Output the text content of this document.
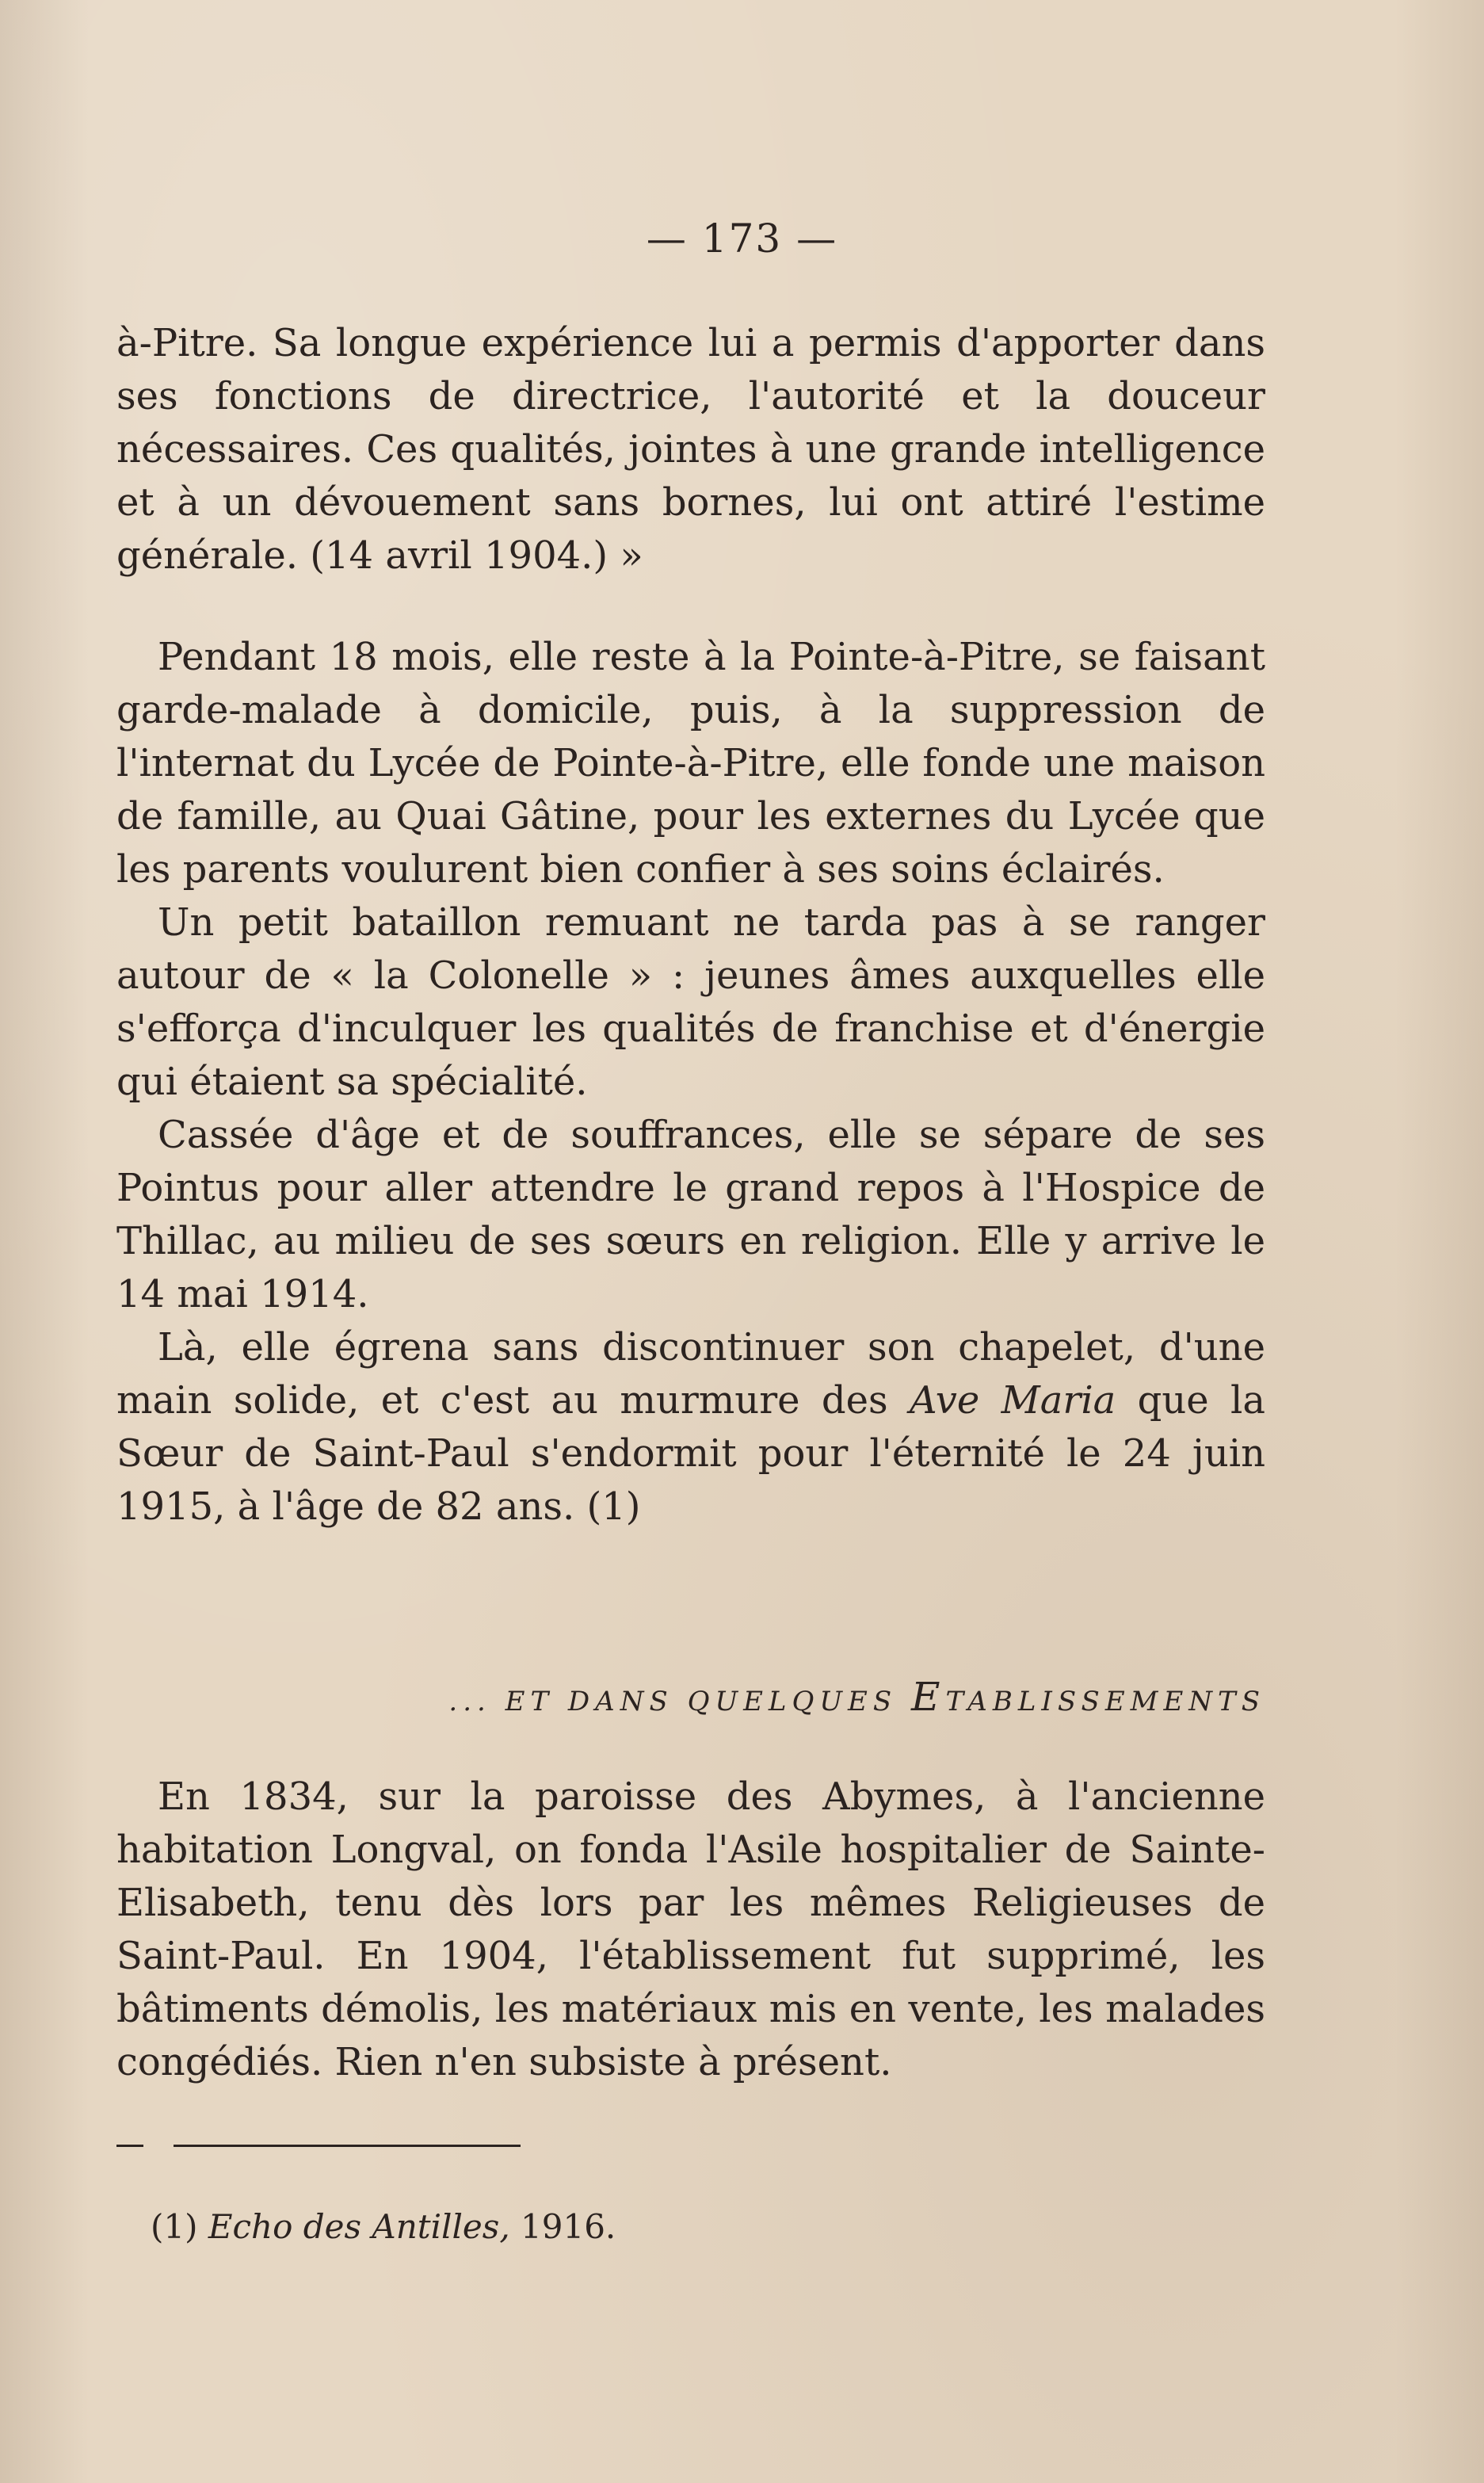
— 173 —

à-Pitre. Sa longue expérience lui a permis d'apporter dans ses fonctions de directrice, l'autorité et la douceur nécessaires. Ces qualités, jointes à une grande intelligence et à un dévouement sans bornes, lui ont attiré l'estime générale. (14 avril 1904.) »

Pendant 18 mois, elle reste à la Pointe-à-Pitre, se faisant garde-malade à domicile, puis, à la suppression de l'internat du Lycée de Pointe-à-Pitre, elle fonde une maison de famille, au Quai Gâtine, pour les externes du Lycée que les parents voulurent bien confier à ses soins éclairés.

Un petit bataillon remuant ne tarda pas à se ranger autour de « la Colonelle » : jeunes âmes auxquelles elle s'efforça d'inculquer les qualités de franchise et d'énergie qui étaient sa spécialité.

Cassée d'âge et de souffrances, elle se sépare de ses Pointus pour aller attendre le grand repos à l'Hospice de Thillac, au milieu de ses sœurs en religion. Elle y arrive le 14 mai 1914.

Là, elle égrena sans discontinuer son chapelet, d'une main solide, et c'est au murmure des Ave Maria que la Sœur de Saint-Paul s'endormit pour l'éternité le 24 juin 1915, à l'âge de 82 ans. (1)

... ET DANS QUELQUES ETABLISSEMENTS

En 1834, sur la paroisse des Abymes, à l'ancienne habitation Longval, on fonda l'Asile hospitalier de Sainte-Elisabeth, tenu dès lors par les mêmes Religieuses de Saint-Paul. En 1904, l'établissement fut supprimé, les bâtiments démolis, les matériaux mis en vente, les malades congédiés. Rien n'en subsiste à présent.

(1) Echo des Antilles, 1916.
